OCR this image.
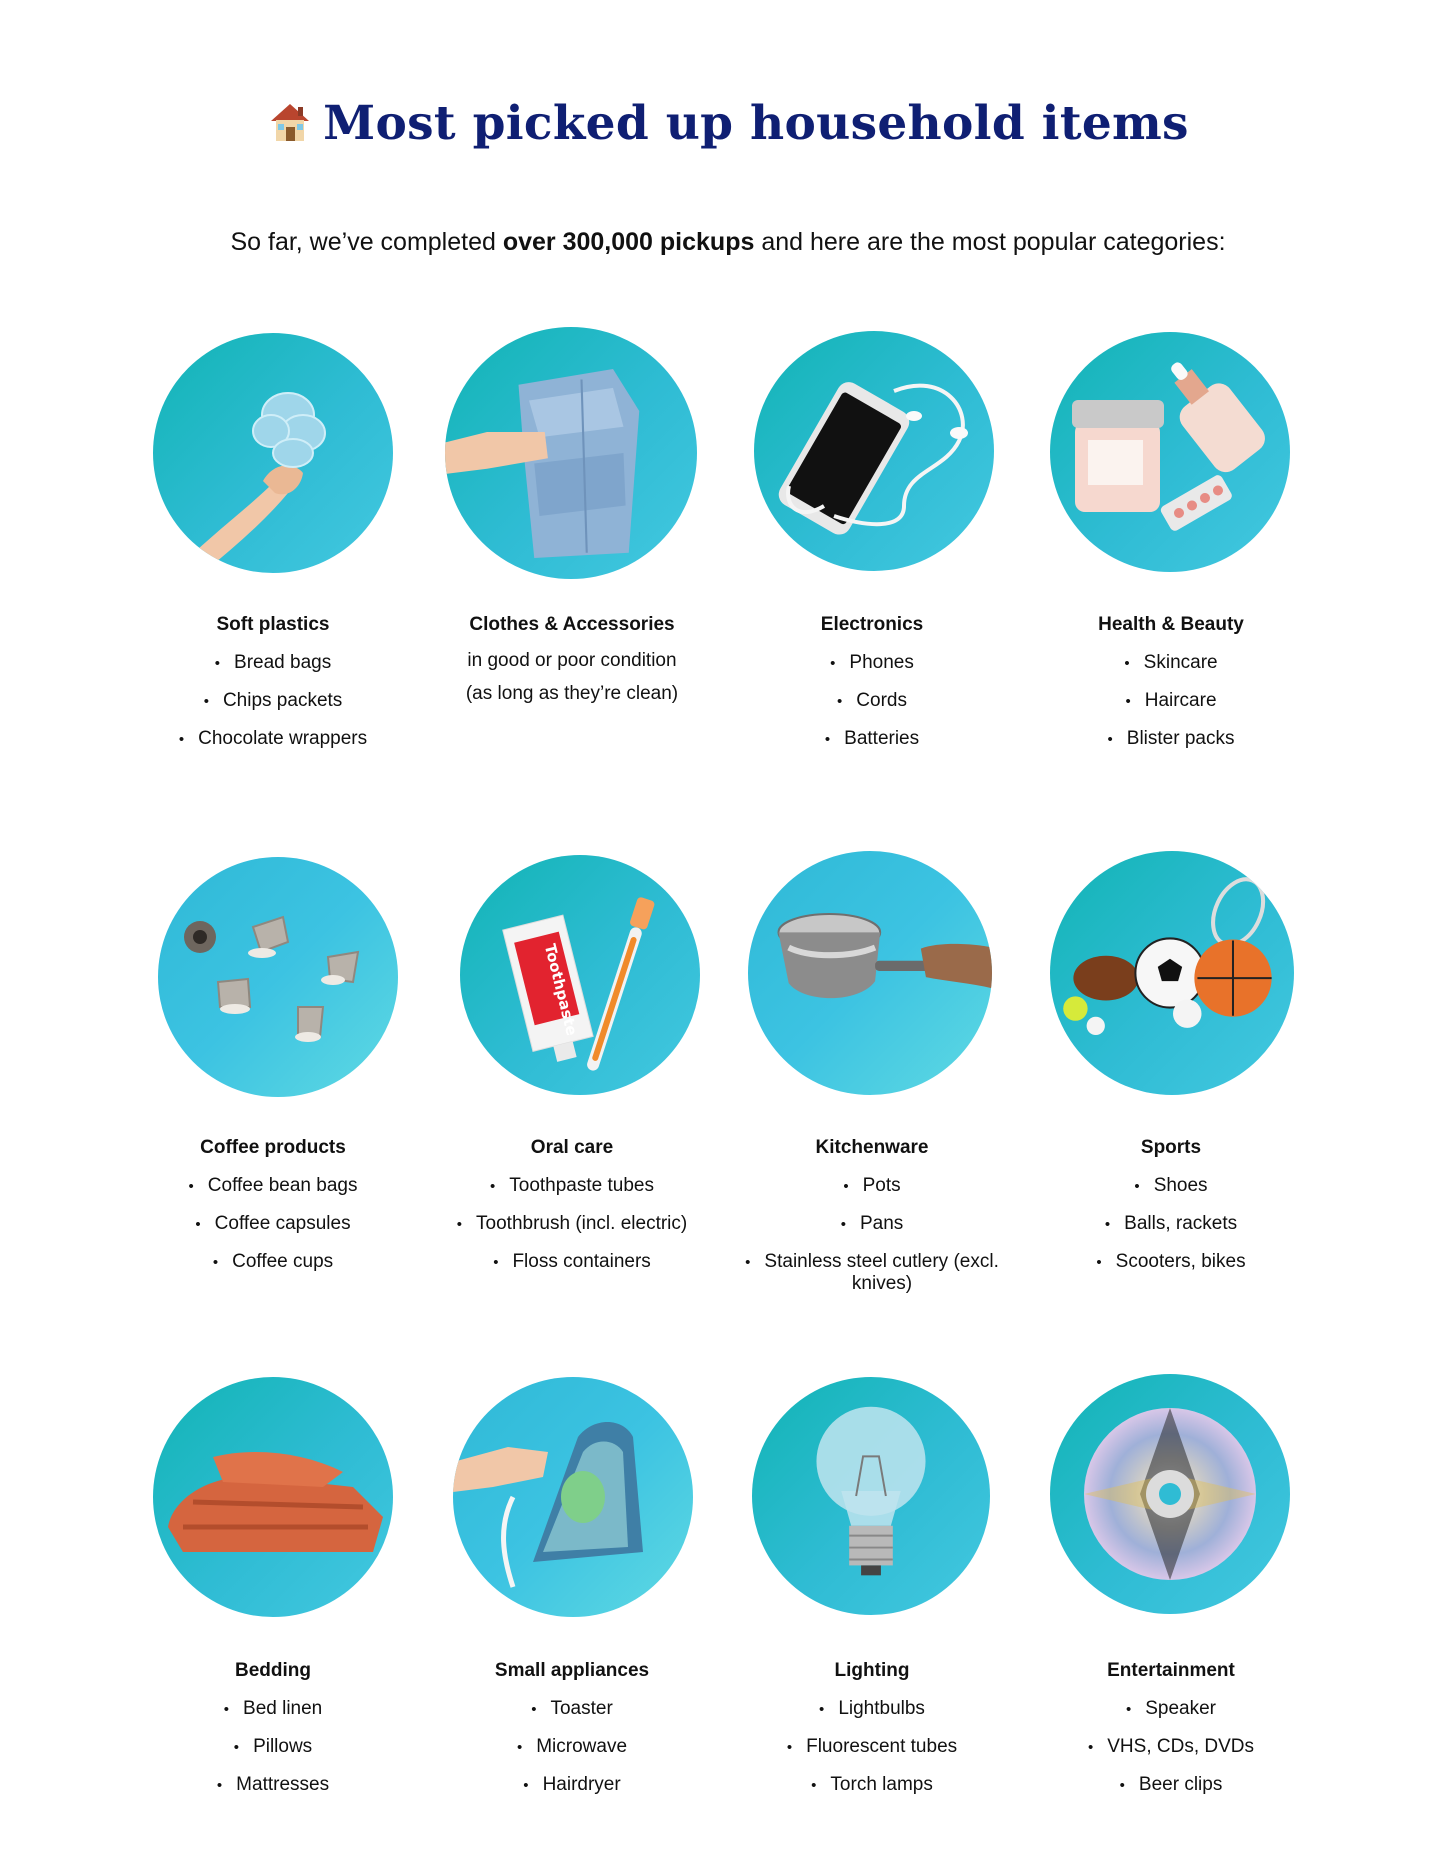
Most picked up household items
So far, we’ve completed over 300,000 pickups and here are the most popular categories:
Soft plastics
• Bread bags
• Chips packets
• Chocolate wrappers
Clothes & Accessories
in good or poor condition
(as long as they’re clean)
Electronics
• Phones
• Cords
• Batteries
Health & Beauty
• Skincare
• Haircare
• Blister packs
Coffee products
• Coffee bean bags
• Coffee capsules
• Coffee cups
Toothpaste
Oral care
• Toothpaste tubes
• Toothbrush (incl. electric)
• Floss containers
Kitchenware
• Pots
• Pans
• Stainless steel cutlery (excl.
knives)
Sports
• Shoes
• Balls, rackets
• Scooters, bikes
Bedding
• Bed linen
• Pillows
• Mattresses
Small appliances
• Toaster
• Microwave
• Hairdryer
Lighting
• Lightbulbs
• Fluorescent tubes
• Torch lamps
Entertainment
• Speaker
• VHS, CDs, DVDs
• Beer clips
